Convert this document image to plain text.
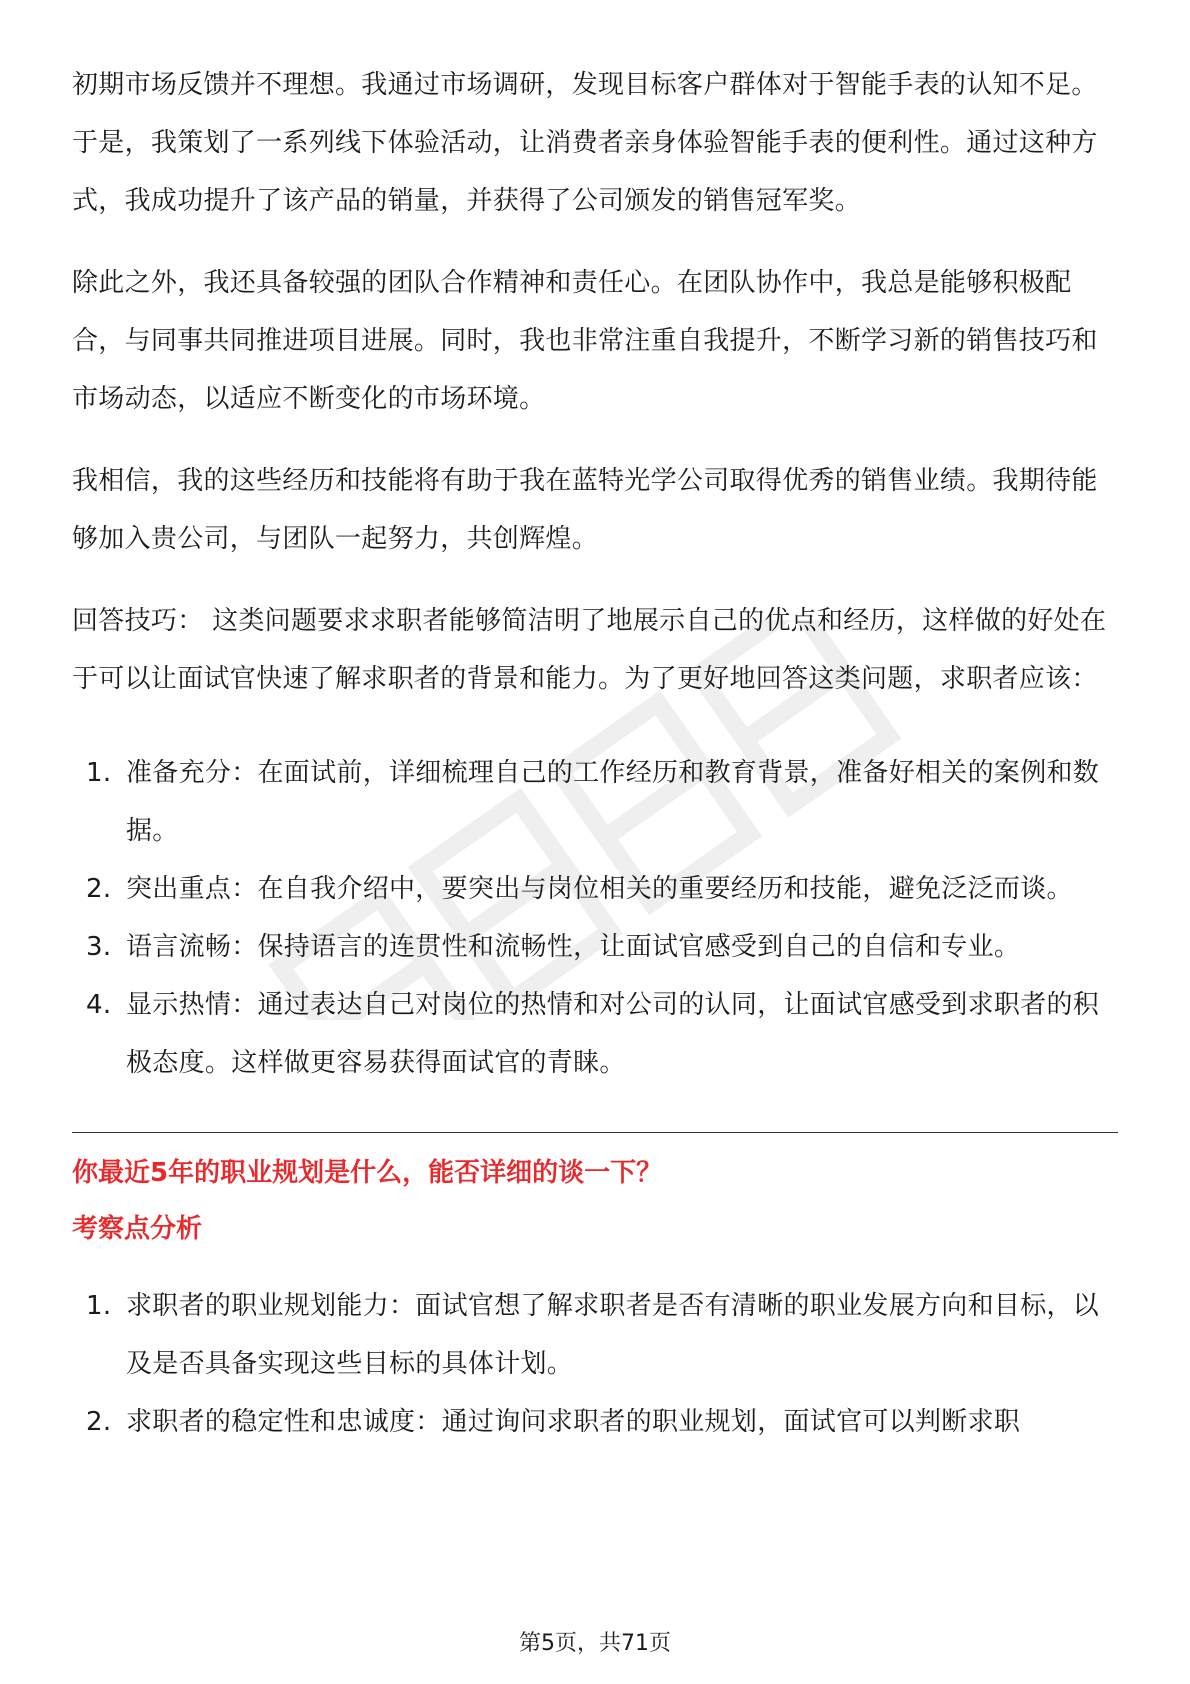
初期市场反馈并不理想。我通过市场调研，发现目标客户群体对于智能手表的认知不足。于是，我策划了一系列线下体验活动，让消费者亲身体验智能手表的便利性。通过这种方式，我成功提升了该产品的销量，并获得了公司颁发的销售冠军奖。

除此之外，我还具备较强的团队合作精神和责任心。在团队协作中，我总是能够积极配合，与同事共同推进项目进展。同时，我也非常注重自我提升，不断学习新的销售技巧和市场动态，以适应不断变化的市场环境。

我相信，我的这些经历和技能将有助于我在蓝特光学公司取得优秀的销售业绩。我期待能够加入贵公司，与团队一起努力，共创辉煌。

回答技巧： 这类问题要求求职者能够简洁明了地展示自己的优点和经历，这样做的好处在于可以让面试官快速了解求职者的背景和能力。为了更好地回答这类问题，求职者应该：

1. 准备充分：在面试前，详细梳理自己的工作经历和教育背景，准备好相关的案例和数据。
2. 突出重点：在自我介绍中，要突出与岗位相关的重要经历和技能，避免泛泛而谈。
3. 语言流畅：保持语言的连贯性和流畅性，让面试官感受到自己的自信和专业。
4. 显示热情：通过表达自己对岗位的热情和对公司的认同，让面试官感受到求职者的积极态度。这样做更容易获得面试官的青睐。
你最近5年的职业规划是什么，能否详细的谈一下？
考察点分析
1. 求职者的职业规划能力：面试官想了解求职者是否有清晰的职业发展方向和目标，以及是否具备实现这些目标的具体计划。
2. 求职者的稳定性和忠诚度：通过询问求职者的职业规划，面试官可以判断求职
第5页，共71页
